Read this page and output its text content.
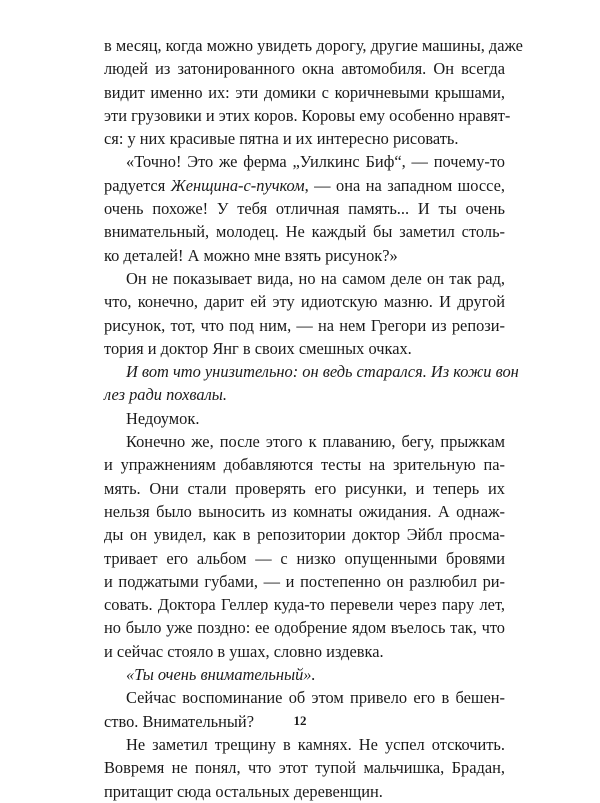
в месяц, когда можно увидеть дорогу, другие машины, даже
людей из затонированного окна автомобиля. Он всегда
видит именно их: эти домики с коричневыми крышами,
эти грузовики и этих коров. Коровы ему особенно нравят-
ся: у них красивые пятна и их интересно рисовать.
«Точно! Это же ферма „Уилкинс Биф“, — почему-то
радуется Женщина-с-пучком, — она на западном шоссе,
очень похоже! У тебя отличная память... И ты очень
внимательный, молодец. Не каждый бы заметил столь-
ко деталей! А можно мне взять рисунок?»
Он не показывает вида, но на самом деле он так рад,
что, конечно, дарит ей эту идиотскую мазню. И другой
рисунок, тот, что под ним, — на нем Грегори из репози-
тория и доктор Янг в своих смешных очках.
И вот что унизительно: он ведь старался. Из кожи вон
лез ради похвалы.
Недоумок.
Конечно же, после этого к плаванию, бегу, прыжкам
и упражнениям добавляются тесты на зрительную па-
мять. Они стали проверять его рисунки, и теперь их
нельзя было выносить из комнаты ожидания. А однаж-
ды он увидел, как в репозитории доктор Эйбл просма-
тривает его альбом — с низко опущенными бровями
и поджатыми губами, — и постепенно он разлюбил ри-
совать. Доктора Геллер куда-то перевели через пару лет,
но было уже поздно: ее одобрение ядом въелось так, что
и сейчас стояло в ушах, словно издевка.
«Ты очень внимательный».
Сейчас воспоминание об этом привело его в бешен-
ство. Внимательный?
Не заметил трещину в камнях. Не успел отскочить.
Вовремя не понял, что этот тупой мальчишка, Брадан,
притащит сюда остальных деревенщин.
12
